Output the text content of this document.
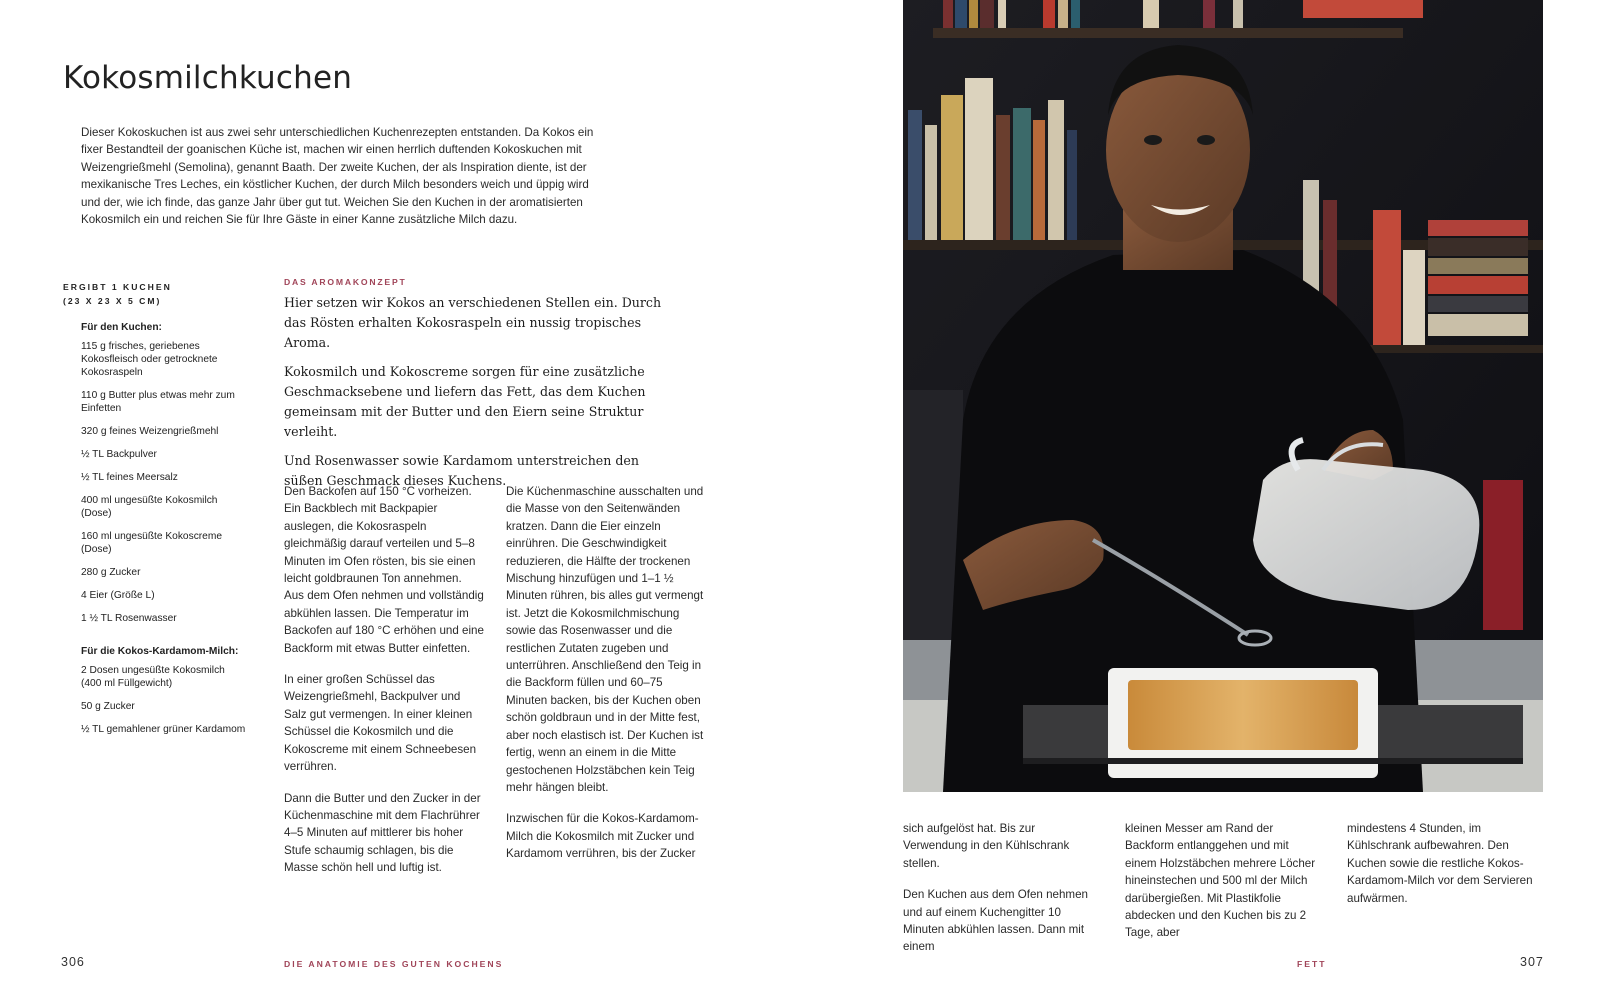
Kokosmilchkuchen

Dieser Kokoskuchen ist aus zwei sehr unterschiedlichen Kuchenrezepten entstanden. Da Kokos ein fixer Bestandteil der goanischen Küche ist, machen wir einen herrlich duftenden Kokoskuchen mit Weizengrießmehl (Semolina), genannt Baath. Der zweite Kuchen, der als Inspiration diente, ist der mexikanische Tres Leches, ein köstlicher Kuchen, der durch Milch besonders weich und üppig wird und der, wie ich finde, das ganze Jahr über gut tut. Weichen Sie den Kuchen in der aromatisierten Kokosmilch ein und reichen Sie für Ihre Gäste in einer Kanne zusätzliche Milch dazu.

ERGIBT 1 KUCHEN
(23 X 23 X 5 CM)

Für den Kuchen:

115 g frisches, geriebenes Kokosfleisch oder getrocknete Kokosraspeln
110 g Butter plus etwas mehr zum Einfetten
320 g feines Weizengrießmehl
½ TL Backpulver
½ TL feines Meersalz
400 ml ungesüßte Kokosmilch (Dose)
160 ml ungesüßte Kokoscreme (Dose)
280 g Zucker
4 Eier (Größe L)
1 ½ TL Rosenwasser

Für die Kokos-Kardamom-Milch:

2 Dosen ungesüßte Kokosmilch (400 ml Füllgewicht)
50 g Zucker
½ TL gemahlener grüner Kardamom

DAS AROMAKONZEPT

Hier setzen wir Kokos an verschiedenen Stellen ein. Durch das Rösten erhalten Kokosraspeln ein nussig tropisches Aroma.

Kokosmilch und Kokoscreme sorgen für eine zusätzliche Geschmacksebene und liefern das Fett, das dem Kuchen gemeinsam mit der Butter und den Eiern seine Struktur verleiht.

Und Rosenwasser sowie Kardamom unterstreichen den süßen Geschmack dieses Kuchens.

Den Backofen auf 150 °C vorheizen. Ein Backblech mit Backpapier auslegen, die Kokosraspeln gleichmäßig darauf verteilen und 5–8 Minuten im Ofen rösten, bis sie einen leicht goldbraunen Ton annehmen. Aus dem Ofen nehmen und vollständig abkühlen lassen. Die Temperatur im Backofen auf 180 °C erhöhen und eine Backform mit etwas Butter einfetten.

In einer großen Schüssel das Weizengrießmehl, Backpulver und Salz gut vermengen. In einer kleinen Schüssel die Kokosmilch und die Kokoscreme mit einem Schneebesen verrühren.

Dann die Butter und den Zucker in der Küchenmaschine mit dem Flachrührer 4–5 Minuten auf mittlerer bis hoher Stufe schaumig schlagen, bis die Masse schön hell und luftig ist.

Die Küchenmaschine ausschalten und die Masse von den Seitenwänden kratzen. Dann die Eier einzeln einrühren. Die Geschwindigkeit reduzieren, die Hälfte der trockenen Mischung hinzufügen und 1–1 ½ Minuten rühren, bis alles gut vermengt ist. Jetzt die Kokosmilchmischung sowie das Rosenwasser und die restlichen Zutaten zugeben und unterrühren. Anschließend den Teig in die Backform füllen und 60–75 Minuten backen, bis der Kuchen oben schön goldbraun und in der Mitte fest, aber noch elastisch ist. Der Kuchen ist fertig, wenn an einem in die Mitte gestochenen Holzstäbchen kein Teig mehr hängen bleibt.

Inzwischen für die Kokos-Kardamom-Milch die Kokosmilch mit Zucker und Kardamom verrühren, bis der Zucker

sich aufgelöst hat. Bis zur Verwendung in den Kühlschrank stellen.

Den Kuchen aus dem Ofen nehmen und auf einem Kuchengitter 10 Minuten abkühlen lassen. Dann mit einem

kleinen Messer am Rand der Backform entlanggehen und mit einem Holzstäbchen mehrere Löcher hineinstechen und 500 ml der Milch darübergießen. Mit Plastikfolie abdecken und den Kuchen bis zu 2 Tage, aber

mindestens 4 Stunden, im Kühlschrank aufbewahren. Den Kuchen sowie die restliche Kokos-Kardamom-Milch vor dem Servieren aufwärmen.

306	DIE ANATOMIE DES GUTEN KOCHENS	FETT	307
